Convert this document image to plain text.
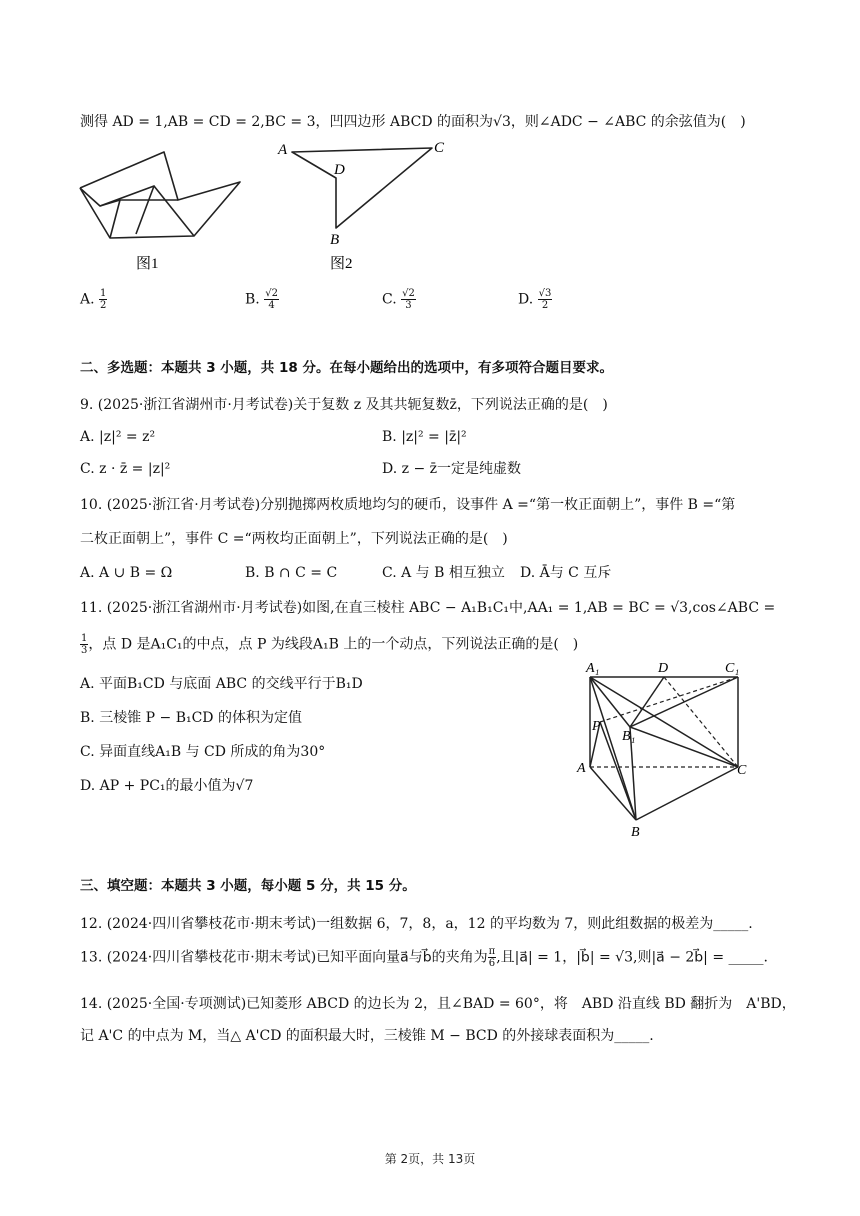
测得 AD = 1,AB = CD = 2,BC = 3，凹四边形 ABCD 的面积为√3，则∠ADC − ∠ABC 的余弦值为(　)
图1
A
D
C
B
图2
A. $\frac{1}{2}$	B. $\frac{√2}{4}$	C. $\frac{√2}{3}$	D. $\frac{√3}{2}$
二、多选题：本题共 3 小题，共 18 分。在每小题给出的选项中，有多项符合题目要求。
9. (2025·浙江省湖州市·月考试卷)关于复数 z 及其共轭复数z̄，下列说法正确的是(　)
A. |z|² = z²	B. |z|² = |z̄|²
C. z · z̄ = |z|²	D. z − z̄一定是纯虚数
10. (2025·浙江省·月考试卷)分别抛掷两枚质地均匀的硬币，设事件 A =“第一枚正面朝上”，事件 B =“第
二枚正面朝上”，事件 C =“两枚均正面朝上”，下列说法正确的是(　)
A. A ∪ B = Ω	B. B ∩ C = C	C. A 与 B 相互独立 D. Ā与 C 互斥
11. (2025·浙江省湖州市·月考试卷)如图,在直三棱柱 ABC − A₁B₁C₁中,AA₁ = 1,AB = BC = √3,cos∠ABC =
$\frac{1}{3}$ ，点 D 是A₁C₁的中点，点 P 为线段A₁B 上的一个动点，下列说法正确的是(　)
A. 平面B₁CD 与底面 ABC 的交线平行于B₁D
B. 三棱锥 P − B₁CD 的体积为定值
C. 异面直线A₁B 与 CD 所成的角为30°
D. AP + PC₁的最小值为√7
A₁	D	C₁
P
B₁
A	C
B
三、填空题：本题共 3 小题，每小题 5 分，共 15 分。
12. (2024·四川省攀枝花市·期末考试)一组数据 6，7，8，a，12 的平均数为 7，则此组数据的极差为_____.
13. (2024·四川省攀枝花市·期末考试)已知平面向量a⃗与b⃗的夹角为 $\frac{\pi}{6}$ ,且|a⃗| = 1，|b⃗| = √3,则|a⃗ − 2b⃗| = _____.
14. (2025·全国·专项测试)已知菱形 ABCD 的边长为 2，且∠BAD = 60°，将　ABD 沿直线 BD 翻折为　A'BD，
记 A'C 的中点为 M，当△ A'CD 的面积最大时，三棱锥 M − BCD 的外接球表面积为_____.
第 2页，共 13页
